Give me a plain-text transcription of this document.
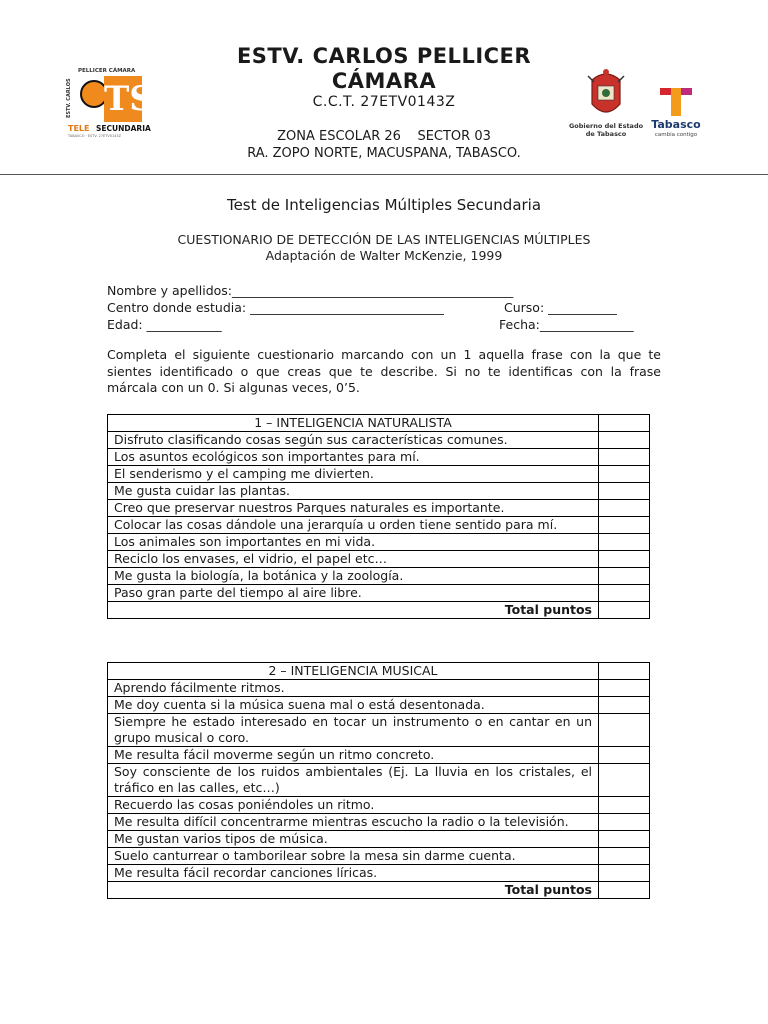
ESTV. CARLOS PELLICER
CÁMARA
C.C.T. 27ETV0143Z
ZONA ESCOLAR 26    SECTOR 03
RA. ZOPO NORTE, MACUSPANA, TABASCO.
PELLICER CÁMARA
ESTV. CARLOS TS
TELE SECUNDARIA
TABASCO · ESTV. 27ETV0143Z
Gobierno del Estado de Tabasco
Tabasco
cambia contigo
Test de Inteligencias Múltiples Secundaria
CUESTIONARIO DE DETECCIÓN DE LAS INTELIGENCIAS MÚLTIPLES
Adaptación de Walter McKenzie, 1999
Nombre y apellidos:_____________________________________________
Centro donde estudia: _______________________________	Curso: ___________
Edad: ____________	Fecha:_______________
Completa el siguiente cuestionario marcando con un 1 aquella frase con la que te sientes identificado o que creas que te describe. Si no te identificas con la frase márcala con un 0. Si algunas veces, 0’5.
1 – INTELIGENCIA NATURALISTA	
Disfruto clasificando cosas según sus características comunes.	
Los asuntos ecológicos son importantes para mí.	
El senderismo y el camping me divierten.	
Me gusta cuidar las plantas.	
Creo que preservar nuestros Parques naturales es importante.	
Colocar las cosas dándole una jerarquía u orden tiene sentido para mí.	
Los animales son importantes en mi vida.	
Reciclo los envases, el vidrio, el papel etc…	
Me gusta la biología, la botánica y la zoología.	
Paso gran parte del tiempo al aire libre.	
Total puntos	
2 – INTELIGENCIA MUSICAL	
Aprendo fácilmente ritmos.	
Me doy cuenta si la música suena mal o está desentonada.	
Siempre he estado interesado en tocar un instrumento o en cantar en un grupo musical o coro.	
Me resulta fácil moverme según un ritmo concreto.	
Soy consciente de los ruidos ambientales (Ej. La lluvia en los cristales, el tráfico en las calles, etc…)	
Recuerdo las cosas poniéndoles un ritmo.	
Me resulta difícil concentrarme mientras escucho la radio o la televisión.	
Me gustan varios tipos de música.	
Suelo canturrear o tamborilear sobre la mesa sin darme cuenta.	
Me resulta fácil recordar canciones líricas.	
Total puntos	
